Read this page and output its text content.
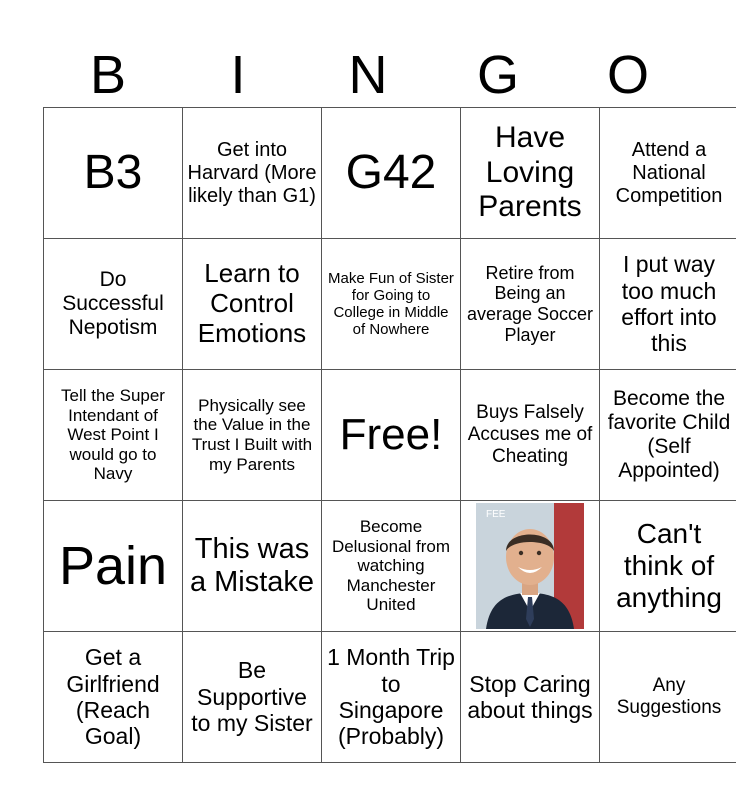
B	I	N	G	O
B3	Get into Harvard (More likely than G1)	G42	Have Loving Parents	Attend a National Competition
Do Successful Nepotism	Learn to Control Emotions	Make Fun of Sister for Going to College in Middle of Nowhere	Retire from Being an average Soccer Player	I put way too much effort into this
Tell the Super Intendant of West Point I would go to Navy	Physically see the Value in the Trust I Built with my Parents	Free!	Buys Falsely Accuses me of Cheating	Become the favorite Child (Self Appointed)
Pain	This was a Mistake	Become Delusional from watching Manchester United	FEE	Can't think of anything
Get a Girlfriend (Reach Goal)	Be Supportive to my Sister	1 Month Trip to Singapore (Probably)	Stop Caring about things	Any Suggestions
